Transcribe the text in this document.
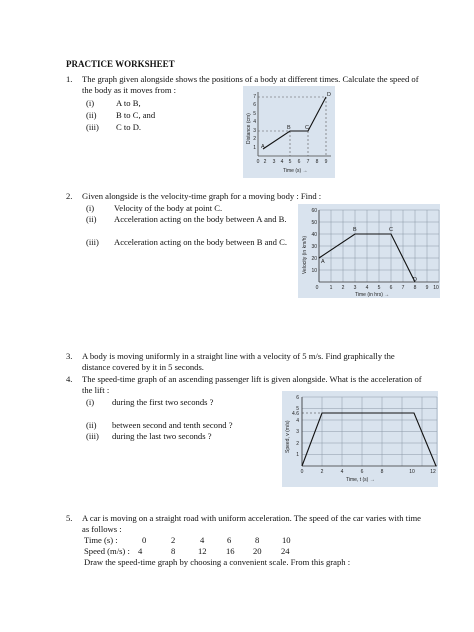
PRACTICE WORKSHEET
1. The graph given alongside shows the positions of a body at different times. Calculate the speed of
the body as it moves from :
(i)	A to B,
(ii) B to C, and
(iii) C to D.
A
B	C
D
1
2
3
4
5
6
7
0 2 3 4 5 6 7 8 9
Time (s) →
Distance (cm)
2. Given alongside is the velocity-time graph for a moving body : Find :
(i) Velocity of the body at point C.
(ii) Acceleration acting on the body between A and B.
(iii) Acceleration acting on the body between B and C.
A
B	C
D
10
20
30
40
50
60
0 1 2 3 4 5 6 7 8 9 10
Time (in hrs) →
Velocity (in km/h)
3. A body is moving uniformly in a straight line with a velocity of 5 m/s. Find graphically the
distance covered by it in 5 seconds.
4. The speed-time graph of an ascending passenger lift is given alongside. What is the acceleration of
the lift :
(i) during the first two seconds ?
(ii) between second and tenth second ?
(iii) during the last two seconds ?
1
2
3
4
4.6
5
6
0	2	4	6	8	10	12
Time, t (s) →
Speed, v (m/s)
5. A car is moving on a straight road with uniform acceleration. The speed of the car varies with time
as follows :
Time (s) :	0	2	4	6	8	10
Speed (m/s) : 4	8	12 16 20 24
Draw the speed-time graph by choosing a convenient scale. From this graph :
